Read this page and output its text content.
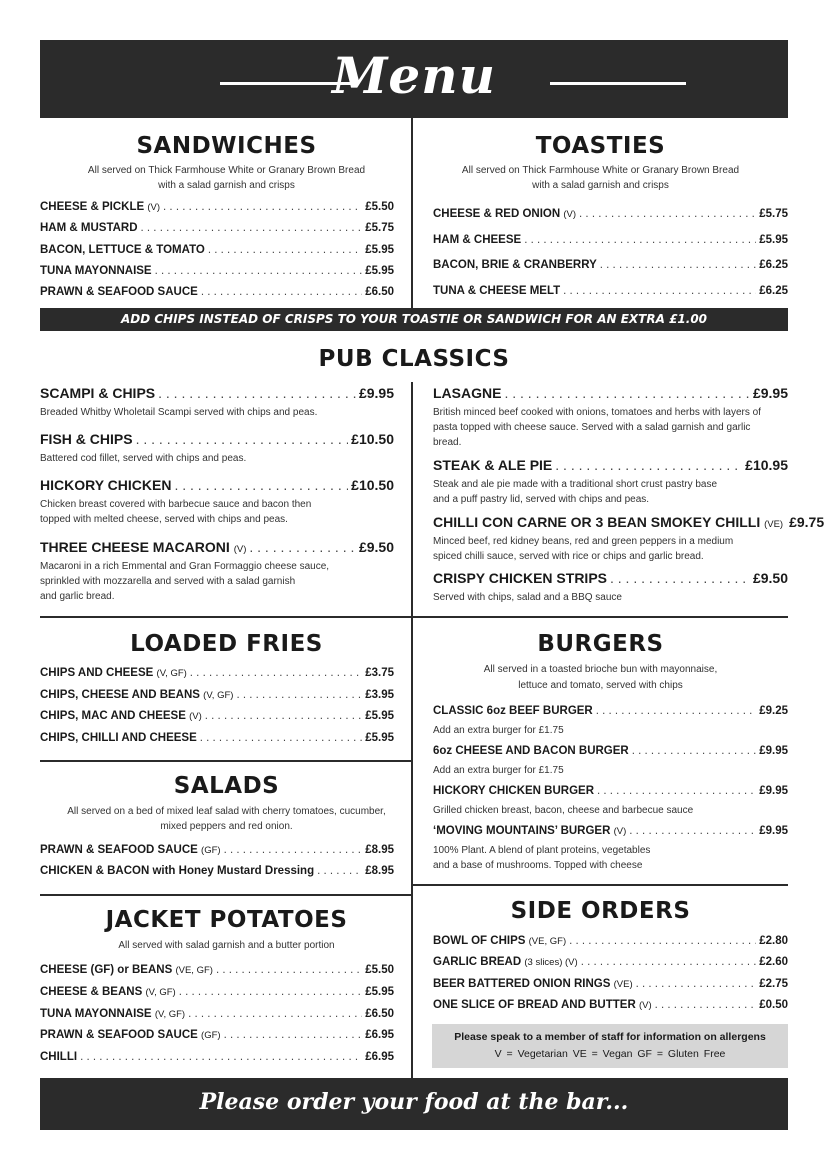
Menu
SANDWICHES
All served on Thick Farmhouse White or Granary Brown Bread
with a salad garnish and crisps
CHEESE & PICKLE (V) . . .	£5.50
HAM & MUSTARD . . .	£5.75
BACON, LETTUCE & TOMATO . . .	£5.95
TUNA MAYONNAISE . . .	£5.95
PRAWN & SEAFOOD SAUCE . . .	£6.50
TOASTIES
All served on Thick Farmhouse White or Granary Brown Bread
with a salad garnish and crisps
CHEESE & RED ONION (V) . . .	£5.75
HAM & CHEESE . . .	£5.95
BACON, BRIE & CRANBERRY . . .	£6.25
TUNA & CHEESE MELT . . .	£6.25
ADD CHIPS INSTEAD OF CRISPS TO YOUR TOASTIE OR SANDWICH FOR AN EXTRA £1.00
PUB CLASSICS
SCAMPI & CHIPS . . .	£9.95
Breaded Whitby Wholetail Scampi served with chips and peas.
FISH & CHIPS . . .	£10.50
Battered cod fillet, served with chips and peas.
HICKORY CHICKEN . . .	£10.50
Chicken breast covered with barbecue sauce and bacon then
topped with melted cheese, served with chips and peas.
THREE CHEESE MACARONI (V) . . .	£9.50
Macaroni in a rich Emmental and Gran Formaggio cheese sauce,
sprinkled with mozzarella and served with a salad garnish
and garlic bread.
LASAGNE . . .	£9.95
British minced beef cooked with onions, tomatoes and herbs with layers of
pasta topped with cheese sauce. Served with a salad garnish and garlic
bread.
STEAK & ALE PIE . . .	£10.95
Steak and ale pie made with a traditional short crust pastry base
and a puff pastry lid, served with chips and peas.
CHILLI CON CARNE OR 3 BEAN SMOKEY CHILLI (VE) £9.75
Minced beef, red kidney beans, red and green peppers in a medium
spiced chilli sauce, served with rice or chips and garlic bread.
CRISPY CHICKEN STRIPS . . .	£9.50
Served with chips, salad and a BBQ sauce
LOADED FRIES
CHIPS AND CHEESE (V, GF) . . .	£3.75
CHIPS, CHEESE AND BEANS (V, GF) . . .	£3.95
CHIPS, MAC AND CHEESE (V) . . .	£5.95
CHIPS, CHILLI AND CHEESE . . .	£5.95
SALADS
All served on a bed of mixed leaf salad with cherry tomatoes, cucumber,
mixed peppers and red onion.
PRAWN & SEAFOOD SAUCE (GF) . . .	£8.95
CHICKEN & BACON with Honey Mustard Dressing . . .	£8.95
JACKET POTATOES
All served with salad garnish and a butter portion
CHEESE (GF) or BEANS (VE, GF) . . .	£5.50
CHEESE & BEANS (V, GF) . . .	£5.95
TUNA MAYONNAISE (V, GF) . . .	£6.50
PRAWN & SEAFOOD SAUCE (GF) . . .	£6.95
CHILLI . . .	£6.95
BURGERS
All served in a toasted brioche bun with mayonnaise,
lettuce and tomato, served with chips
CLASSIC 6oz BEEF BURGER . . .	£9.25
Add an extra burger for £1.75
6oz CHEESE AND BACON BURGER . . .	£9.95
Add an extra burger for £1.75
HICKORY CHICKEN BURGER . . .	£9.95
Grilled chicken breast, bacon, cheese and barbecue sauce
‘MOVING MOUNTAINS’ BURGER (V) . . .	£9.95
100% Plant. A blend of plant proteins, vegetables
and a base of mushrooms. Topped with cheese
SIDE ORDERS
BOWL OF CHIPS (VE, GF) . . .	£2.80
GARLIC BREAD (3 slices) (V) . . .	£2.60
BEER BATTERED ONION RINGS (VE) . . .	£2.75
ONE SLICE OF BREAD AND BUTTER (V) . . .	£0.50
Please speak to a member of staff for information on allergens
V = Vegetarian VE = Vegan GF = Gluten Free
Please order your food at the bar...
